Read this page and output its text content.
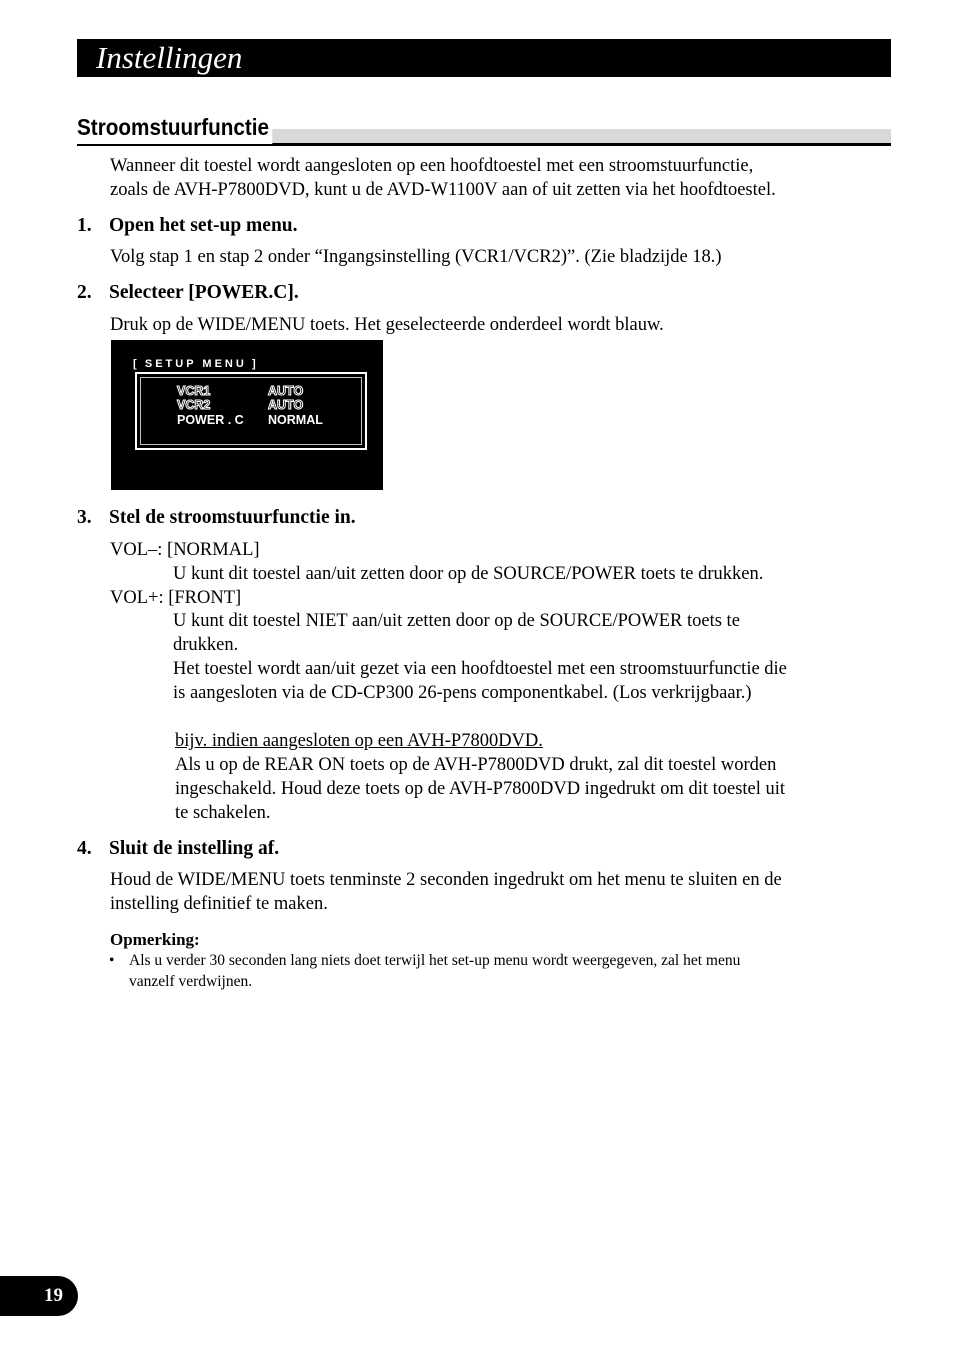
Instellingen
Stroomstuurfunctie
Wanneer dit toestel wordt aangesloten op een hoofdtoestel met een stroomstuurfunctie,
zoals de AVH-P7800DVD, kunt u de AVD-W1100V aan of uit zetten via het hoofdtoestel.
1. Open het set-up menu.
Volg stap 1 en stap 2 onder “Ingangsinstelling (VCR1/VCR2)”. (Zie bladzijde 18.)
2. Selecteer [POWER.C].
Druk op de WIDE/MENU toets. Het geselecteerde onderdeel wordt blauw.
[  SETUP MENU  ]
VCR1	AUTO
VCR2	AUTO
POWER . C NORMAL
3. Stel de stroomstuurfunctie in.
VOL–: [NORMAL]
U kunt dit toestel aan/uit zetten door op de SOURCE/POWER toets te drukken.
VOL+: [FRONT]
U kunt dit toestel NIET aan/uit zetten door op de SOURCE/POWER toets te
drukken.
Het toestel wordt aan/uit gezet via een hoofdtoestel met een stroomstuurfunctie die
is aangesloten via de CD-CP300 26-pens componentkabel. (Los verkrijgbaar.)
bijv. indien aangesloten op een AVH-P7800DVD.
Als u op de REAR ON toets op de AVH-P7800DVD drukt, zal dit toestel worden
ingeschakeld. Houd deze toets op de AVH-P7800DVD ingedrukt om dit toestel uit
te schakelen.
4. Sluit de instelling af.
Houd de WIDE/MENU toets tenminste 2 seconden ingedrukt om het menu te sluiten en de
instelling definitief te maken.
Opmerking:
• Als u verder 30 seconden lang niets doet terwijl het set-up menu wordt weergegeven, zal het menu
vanzelf verdwijnen.
19
